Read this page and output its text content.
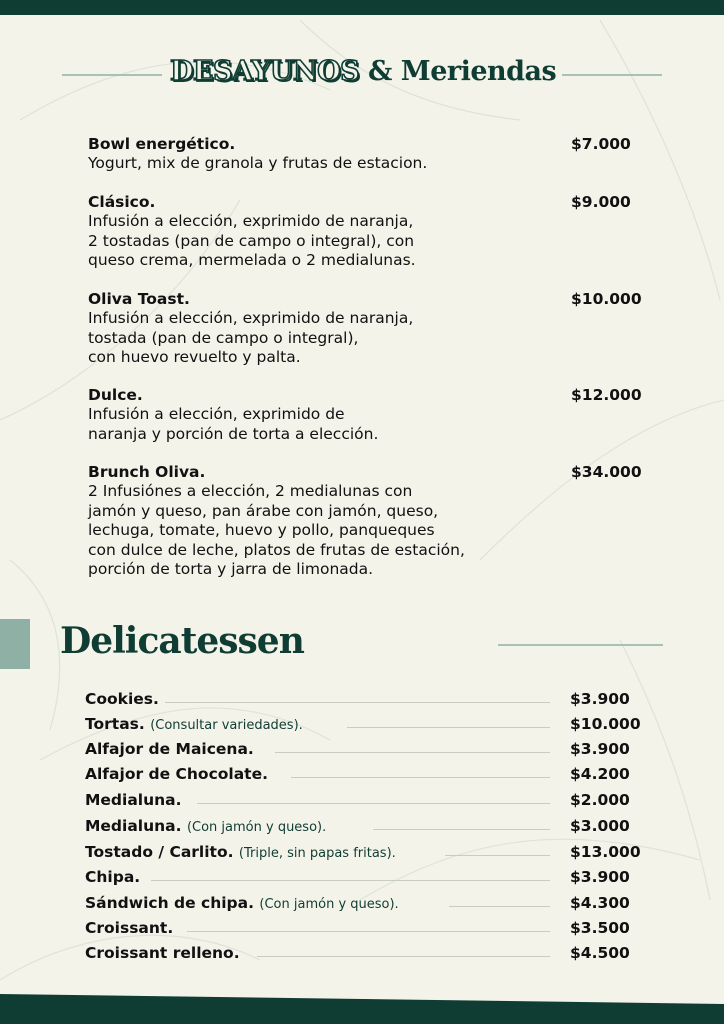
DESAYUNOS & Meriendas
Bowl energético.
Yogurt, mix de granola y frutas de estacion.
$7.000
Clásico.
Infusión a elección, exprimido de naranja,
2 tostadas (pan de campo o integral), con
queso crema, mermelada o 2 medialunas.
$9.000
Oliva Toast.
Infusión a elección, exprimido de naranja,
tostada (pan de campo o integral),
con huevo revuelto y palta.
$10.000
Dulce.
Infusión a elección, exprimido de
naranja y porción de torta a elección.
$12.000
Brunch Oliva.
2 Infusiónes a elección, 2 medialunas con
jamón y queso, pan árabe con jamón, queso,
lechuga, tomate, huevo y pollo, panqueques
con dulce de leche, platos de frutas de estación,
porción de torta y jarra de limonada.
$34.000
Delicatessen
Cookies.	$3.900
Tortas. (Consultar variedades).	$10.000
Alfajor de Maicena.	$3.900
Alfajor de Chocolate.	$4.200
Medialuna.	$2.000
Medialuna. (Con jamón y queso).	$3.000
Tostado / Carlito. (Triple, sin papas fritas).	$13.000
Chipa.	$3.900
Sándwich de chipa. (Con jamón y queso).	$4.300
Croissant.	$3.500
Croissant relleno.	$4.500
